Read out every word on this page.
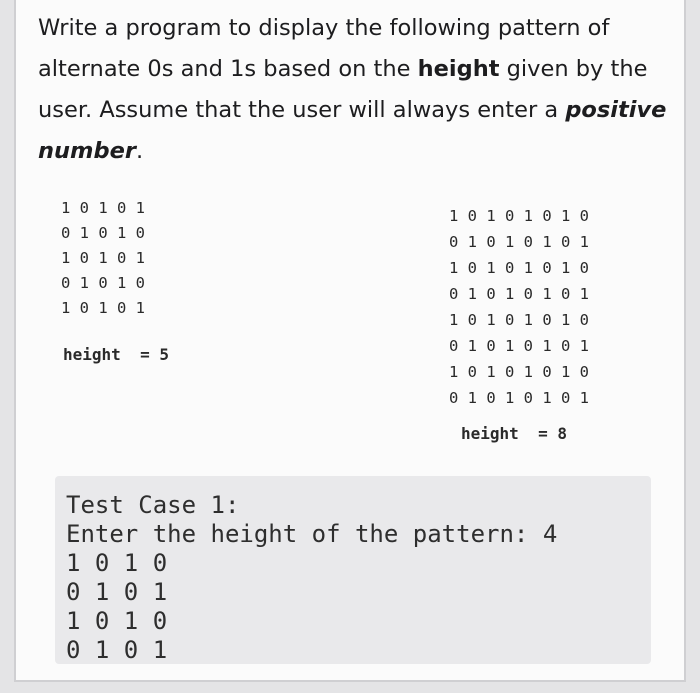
Write a program to display the following pattern of alternate 0s and 1s based on the height given by the user. Assume that the user will always enter a positive number.
1 0 1 0 1
0 1 0 1 0
1 0 1 0 1
0 1 0 1 0
1 0 1 0 1
height  = 5
1 0 1 0 1 0 1 0
0 1 0 1 0 1 0 1
1 0 1 0 1 0 1 0
0 1 0 1 0 1 0 1
1 0 1 0 1 0 1 0
0 1 0 1 0 1 0 1
1 0 1 0 1 0 1 0
0 1 0 1 0 1 0 1
height  = 8
Test Case 1:
Enter the height of the pattern: 4
1 0 1 0
0 1 0 1
1 0 1 0
0 1 0 1
